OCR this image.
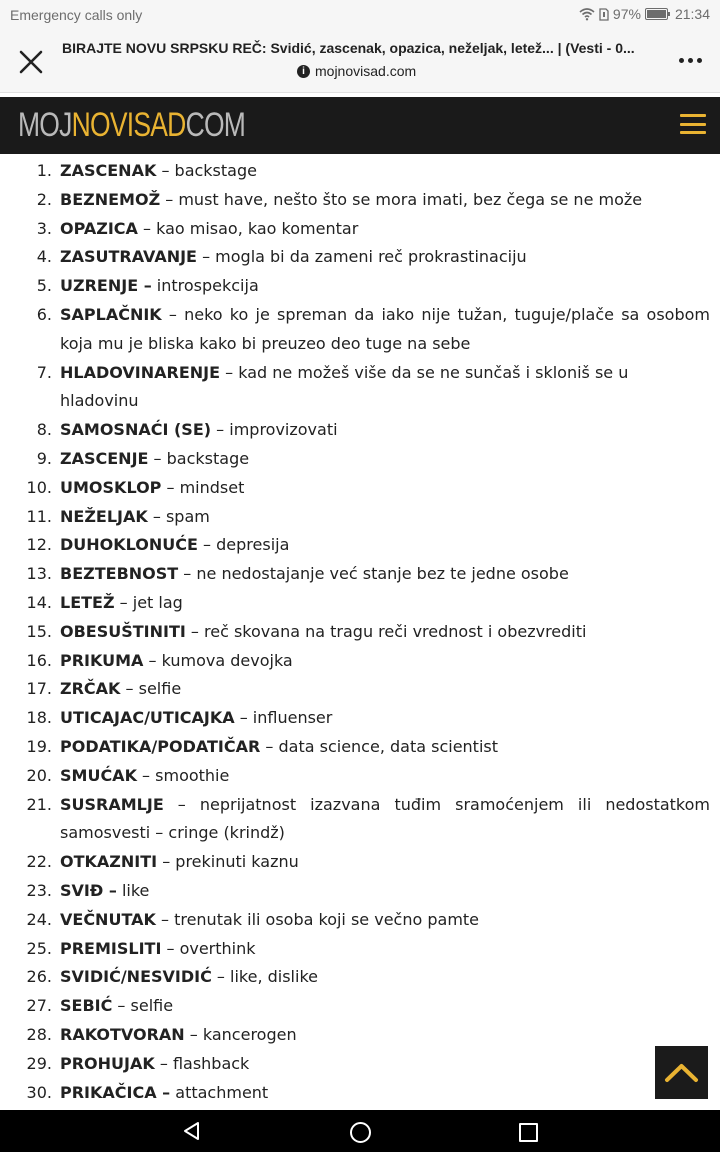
Emergency calls only	97% 21:34
BIRAJTE NOVU SRPSKU REČ: Svidić, zascenak, opazica, neželjak, letež... | (Vesti - 0...
i mojnovisad.com
MOJNOVISADCOM
1. ZASCENAK – backstage
2. BEZNEMOŽ – must have, nešto što se mora imati, bez čega se ne može
3. OPAZICA – kao misao, kao komentar
4. ZASUTRAVANJE – mogla bi da zameni reč prokrastinaciju
5. UZRENJE – introspekcija
6. SAPLAČNIK – neko ko je spreman da iako nije tužan, tuguje/plače sa osobom koja mu je bliska kako bi preuzeo deo tuge na sebe
7. HLADOVINARENJE – kad ne možeš više da se ne sunčaš i skloniš se u hladovinu
8. SAMOSNAĆI (SE) – improvizovati
9. ZASCENJE – backstage
10. UMOSKLOP – mindset
11. NEŽELJAK – spam
12. DUHOKLONUĆE – depresija
13. BEZTEBNOST – ne nedostajanje već stanje bez te jedne osobe
14. LETEŽ – jet lag
15. OBESUŠTINITI – reč skovana na tragu reči vrednost i obezvrediti
16. PRIKUMA – kumova devojka
17. ZRČAK – selfie
18. UTICAJAC/UTICAJKA – influenser
19. PODATIKA/PODATIČAR – data science, data scientist
20. SMUĆAK – smoothie
21. SUSRAMLJE – neprijatnost izazvana tuđim sramoćenjem ili nedostatkom samosvesti – cringe (krindž)
22. OTKAZNITI – prekinuti kaznu
23. SVIĐ – like
24. VEČNUTAK – trenutak ili osoba koji se večno pamte
25. PREMISLITI – overthink
26. SVIDIĆ/NESVIDIĆ – like, dislike
27. SEBIĆ – selfie
28. RAKOTVORAN – kancerogen
29. PROHUJAK – flashback
30. PRIKAČICA – attachment
